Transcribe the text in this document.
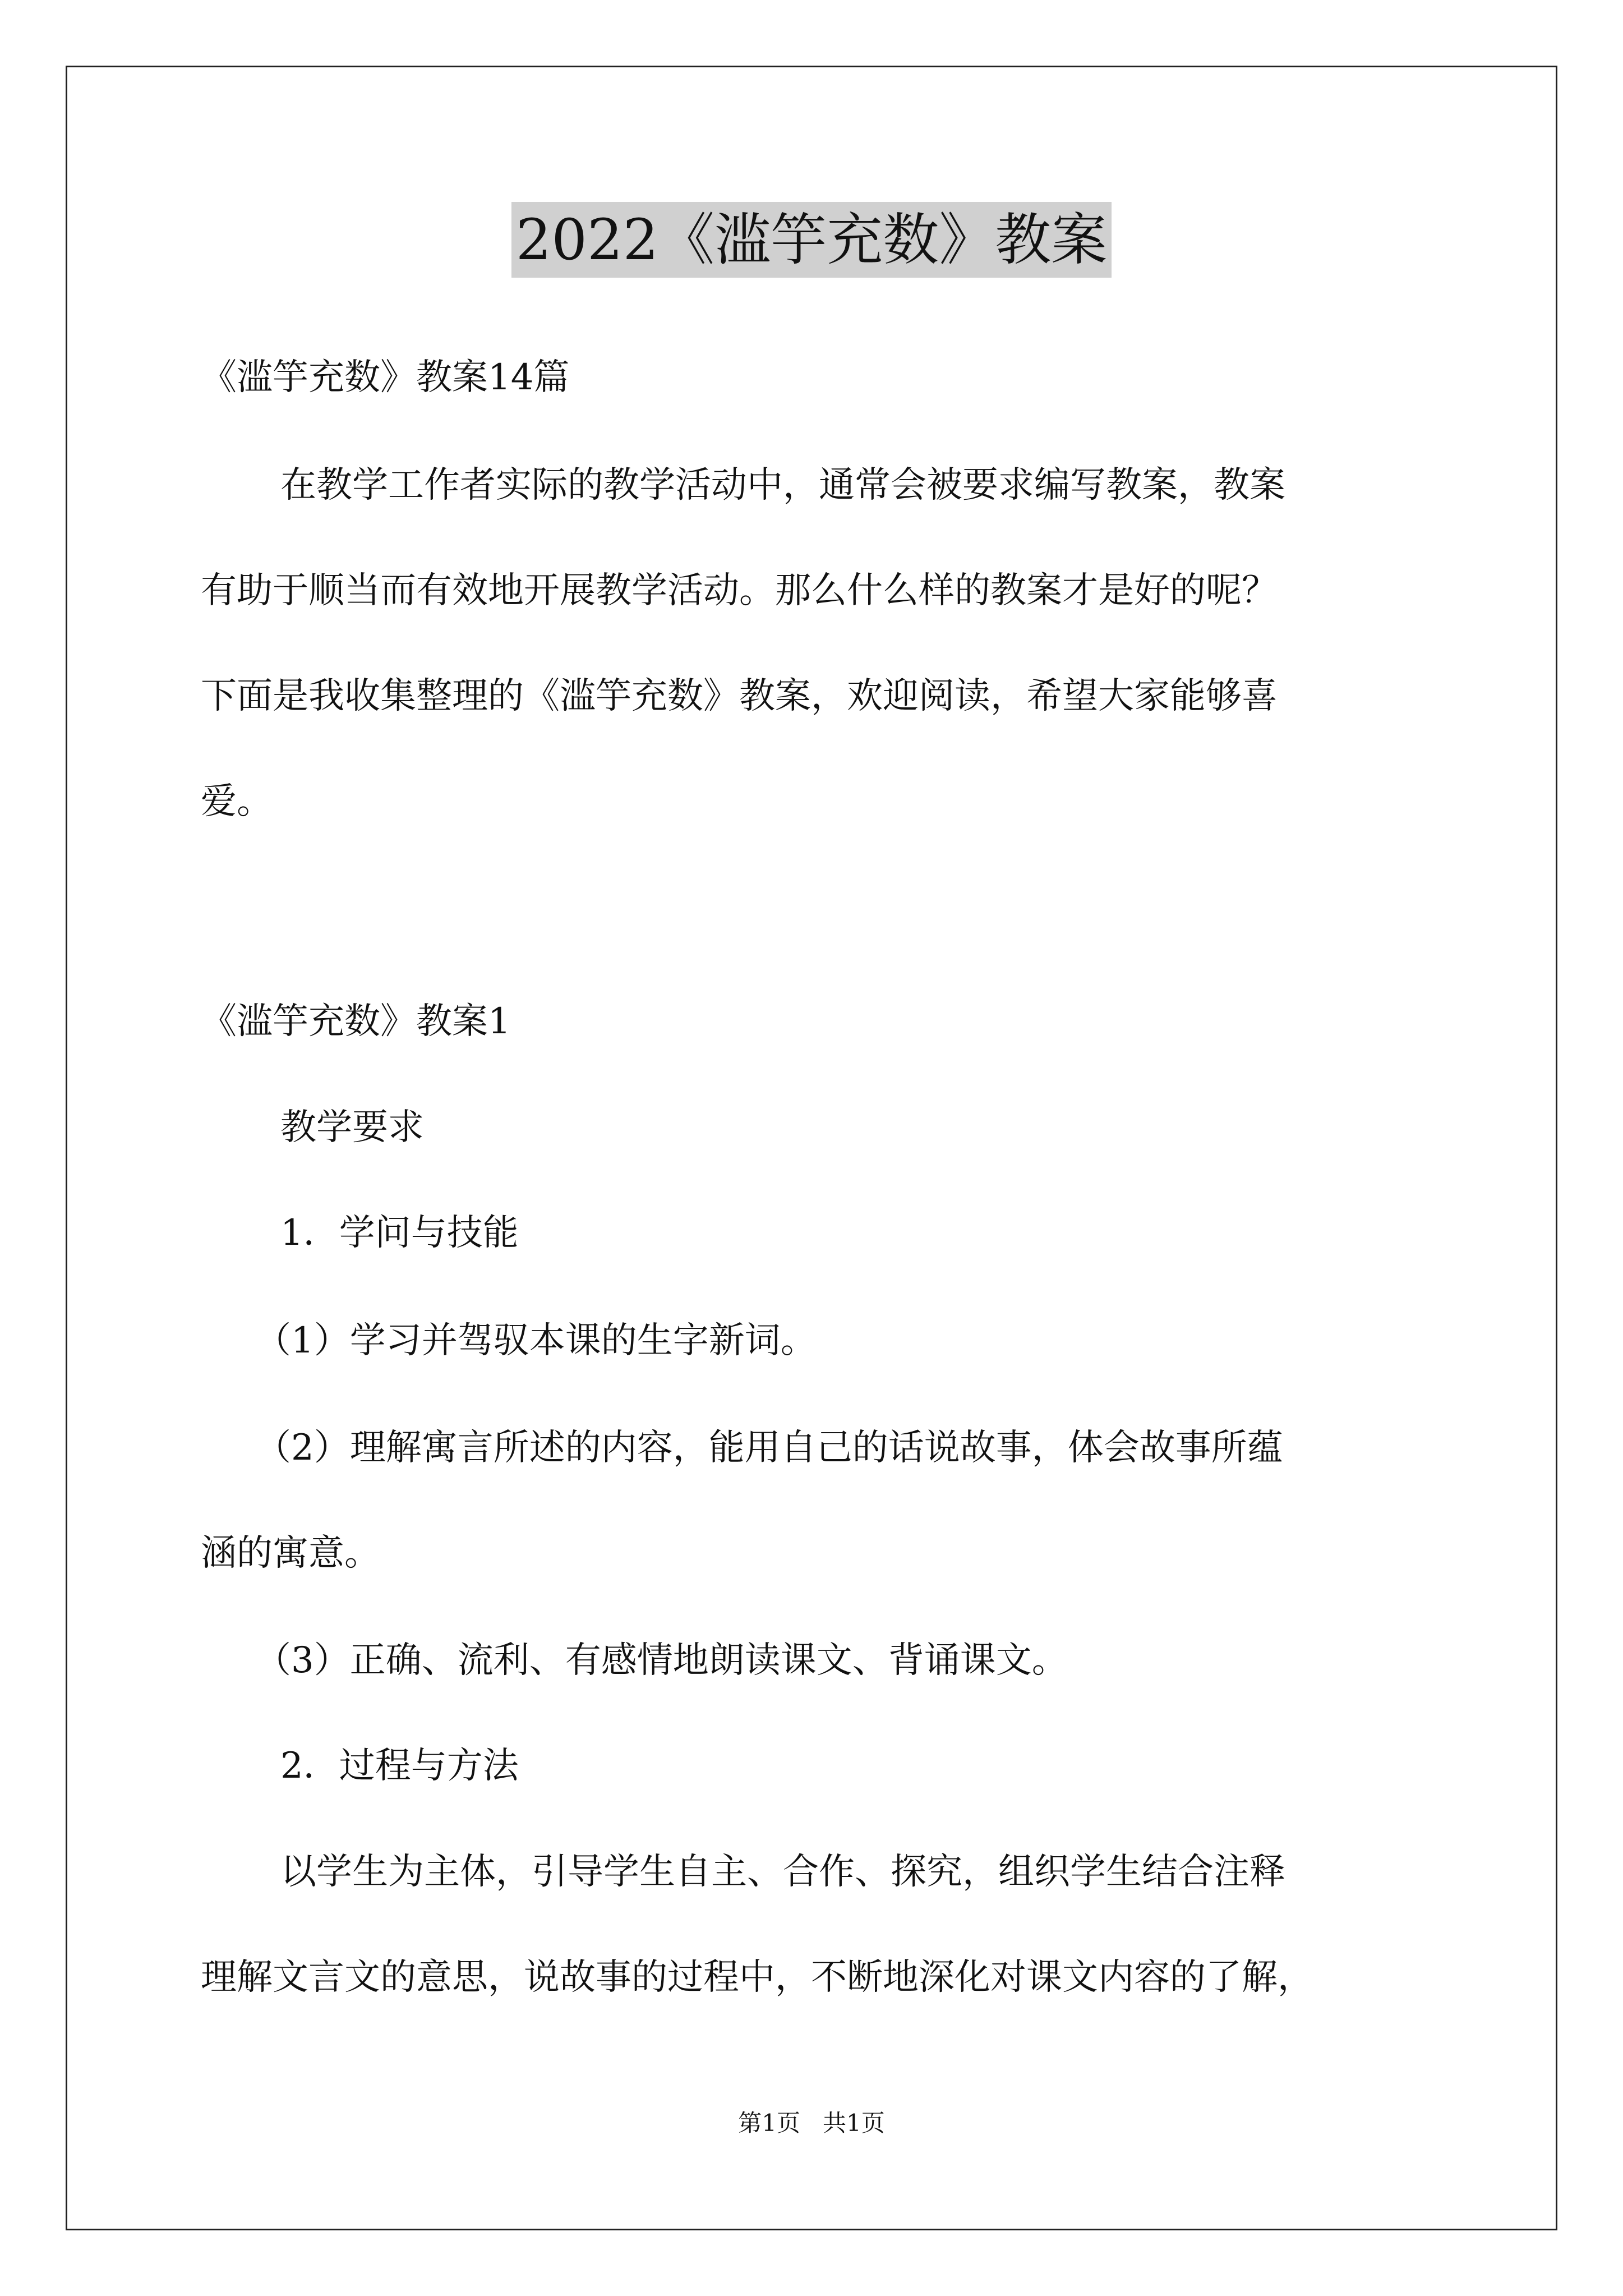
2022《滥竽充数》教案
《滥竽充数》教案14篇
在教学工作者实际的教学活动中，通常会被要求编写教案，教案
有助于顺当而有效地开展教学活动。那么什么样的教案才是好的呢？
下面是我收集整理的《滥竽充数》教案，欢迎阅读，希望大家能够喜
爱。
《滥竽充数》教案1
教学要求
1．学问与技能
（1）学习并驾驭本课的生字新词。
（2）理解寓言所述的内容，能用自己的话说故事，体会故事所蕴
涵的寓意。
（3）正确、流利、有感情地朗读课文、背诵课文。
2．过程与方法
以学生为主体，引导学生自主、合作、探究，组织学生结合注释
理解文言文的意思，说故事的过程中，不断地深化对课文内容的了解，
第1页 共1页
